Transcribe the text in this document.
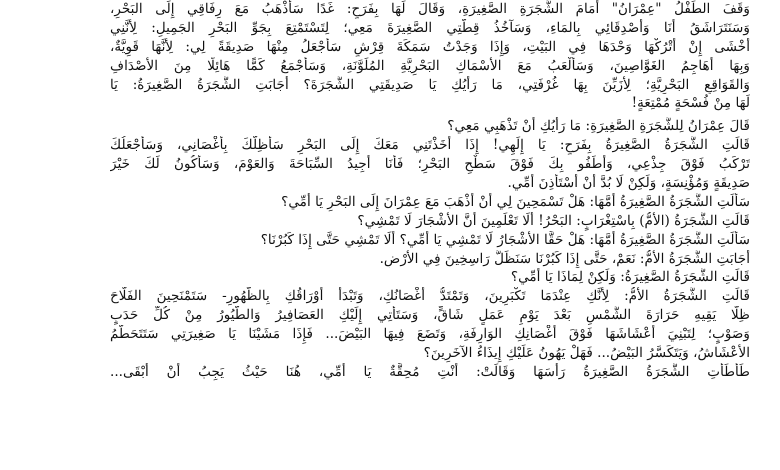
وَقَفَ الطِّفْلُ "عِمْرَانُ" أَمَامَ الشَّجَرَةِ الصَّغِيرَةِ، وَقَالَ لَهَا بِفَرَحٍ: غَدًا سَأَذْهَبُ مَعَ رِفَاقِي إِلَى البَحْرِ،
وَسَنَتَرَاشَقُ أَنَا وَأَصْدِقَائِي بِالمَاءِ، وَسَآخُذُ قِطَّتِي الصَّغِيرَةَ مَعِي؛ لِتَسْتَمْتِعَ بِجَوِّ البَحْرِ الجَمِيلِ: لِأَنَّنِي
أَخْشَى إِنْ أَتْرُكْهَا وَحْدَهَا فِي البَيْتِ، وَإِذَا وَجَدْتُ سَمَكَةَ قِرْشٍ سَأَجْعَلُ مِنْهَا صَدِيقَةً لِي: لِأَنَّهَا قَوِيَّةٌ،
وَبِهَا أُهَاجِمُ الغَوَّاصِينَ، وَسَأَلْعَبُ مَعَ الأَسْمَاكِ البَحْرِيَّةِ المُلَوَّنَةِ، وَسَأَجْمَعُ كَمًّا هَائِلًا مِنَ الأَصْدَافِ
وَالقَوَاقِعِ البَحْرِيَّةِ؛ لِأُزَيِّنَ بِهَا غُرْفَتِي، مَا رَأْيُكِ يَا صَدِيقَتِي الشَّجَرَةَ؟ أَجَابَتِ الشَّجَرَةُ الصَّغِيرَةُ: يَا
لَهَا مِنْ فُسْحَةٍ مُمْتِعَةٍ!
قَالَ عِمْرَانُ لِلشَّجَرَةِ الصَّغِيرَةِ: مَا رَأْيُكِ أَنْ تَذْهَبِي مَعِي؟
قَالَتِ الشَّجَرَةُ الصَّغِيرَةُ بِفَرَحٍ: يَا إِلَهِي! إِذَا أَخَذْتَنِي مَعَكَ إِلَى البَحْرِ سَأُظِلُّكَ بِأَغْصَانِي، وَسَأَجْعَلُكَ
تَرْكَبُ فَوْقَ جِذْعِي، وَأُطَفُو بِكَ فَوْقَ سَطْحِ البَحْرِ؛ فَأَنَا أُجِيدُ السِّبَاحَةَ وَالعَوْمَ، وَسَأَكُونُ لَكَ خَيْرَ
صَدِيقَةٍ وَمُؤْنِسَةٍ، وَلَكِنْ لَا بُدَّ أَنْ أَسْتَأْذِنَ أُمِّي.
سَأَلَتِ الشَّجَرَةُ الصَّغِيرَةُ أُمَّهَا: هَلْ تَسْمَحِينَ لِي أَنْ أَذْهَبَ مَعَ عِمْرَانَ إِلَى البَحْرِ يَا أُمِّي؟
قَالَتِ الشَّجَرَةُ (الأُمُّ) بِاسْتِغْرَابٍ: البَحْرُ! أَلَا تَعْلَمِينَ أَنَّ الأَشْجَارَ لَا تَمْشِي؟
سَأَلَتِ الشَّجَرَةُ الصَّغِيرَةُ أُمَّهَا: هَلْ حَقًّا الأَشْجَارُ لَا تَمْشِي يَا أُمِّي؟ أَلَا تَمْشِي حَتَّى إِذَا كَبُرْنَا؟
أَجَابَتِ الشَّجَرَةُ الأُمُّ: نَعَمْ، حَتَّى إِذَا كَبُرْنَا سَنَظَلُّ رَاسِخِينَ فِي الأَرْضِ.
قَالَتِ الشَّجَرَةُ الصَّغِيرَةُ: وَلَكِنْ لِمَاذَا يَا أُمِّي؟
قَالَتِ الشَّجَرَةُ الأُمُّ: لِأَنَّكِ عِنْدَمَا تَكْبَرِينَ، وَتَمْتَدُّ أَغْصَانُكِ، وَتَبْدَأُ أَوْرَاقُكِ بِالظُّهُورِ- سَتَمْنَحِينَ الفَلَّاحَ
ظِلًّا يَقِيهِ حَرَارَةَ الشَّمْسِ بَعْدَ يَوْمِ عَمَلٍ شَاقٍّ، وَسَتَأْتِي إِلَيْكِ العَصَافِيرُ وَالطُّيُورُ مِنْ كُلِّ حَدَبٍ
وَصَوْبٍ؛ لِتَبْنِيَ أَعْشَاشَهَا فَوْقَ أَغْصَانِكِ الوَارِفَةِ، وَتَضَعَ فِيهَا البَيْضَ... فَإِذَا مَشَيْنَا يَا صَغِيرَتِي سَتَتَحَطَّمُ
الأَعْشَاشُ، وَيَتَكَسَّرُ البَيْضُ... فَهَلْ يَهُونُ عَلَيْكِ إِيذَاءُ الآخَرِينَ؟
طَأْطَأَتِ الشَّجَرَةُ الصَّغِيرَةُ رَأْسَهَا وَقَالَتْ: أَنْتِ مُحِقَّةٌ يَا أُمِّي، هُنَا حَيْثُ يَجِبُ أَنْ أَبْقَى...
